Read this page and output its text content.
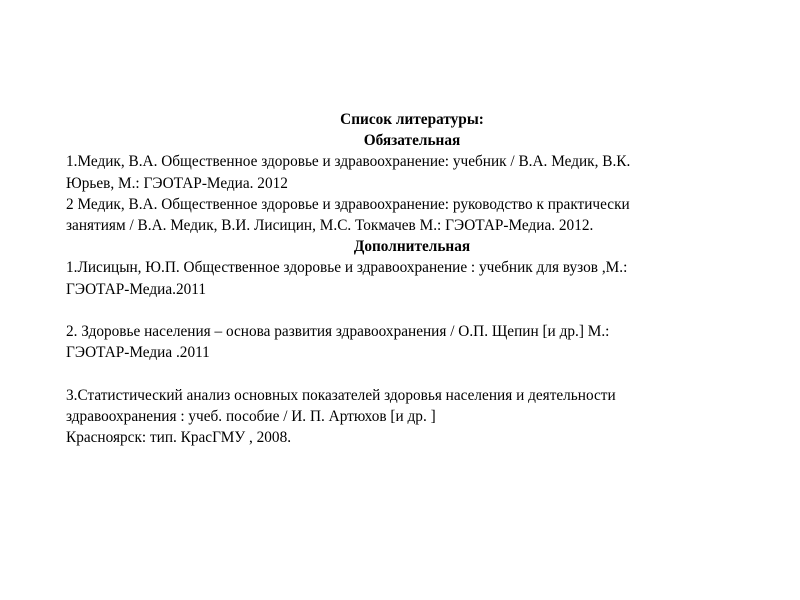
Список литературы:
Обязательная
1.Медик, В.А. Общественное здоровье и здравоохранение: учебник / В.А. Медик, В.К.
Юрьев, М.: ГЭОТАР-Медиа. 2012
2 Медик, В.А. Общественное здоровье и здравоохранение: руководство к практически
занятиям / В.А. Медик, В.И. Лисицин, М.С. Токмачев М.: ГЭОТАР-Медиа. 2012.
Дополнительная
1.Лисицын, Ю.П. Общественное здоровье и здравоохранение : учебник для вузов ,М.:
ГЭОТАР-Медиа.2011
2. Здоровье населения – основа развития здравоохранения / О.П. Щепин [и др.] М.:
ГЭОТАР-Медиа .2011
3.Статистический анализ основных показателей здоровья населения и деятельности
здравоохранения : учеб. пособие / И. П. Артюхов [и др. ]
Красноярск: тип. КрасГМУ , 2008.
